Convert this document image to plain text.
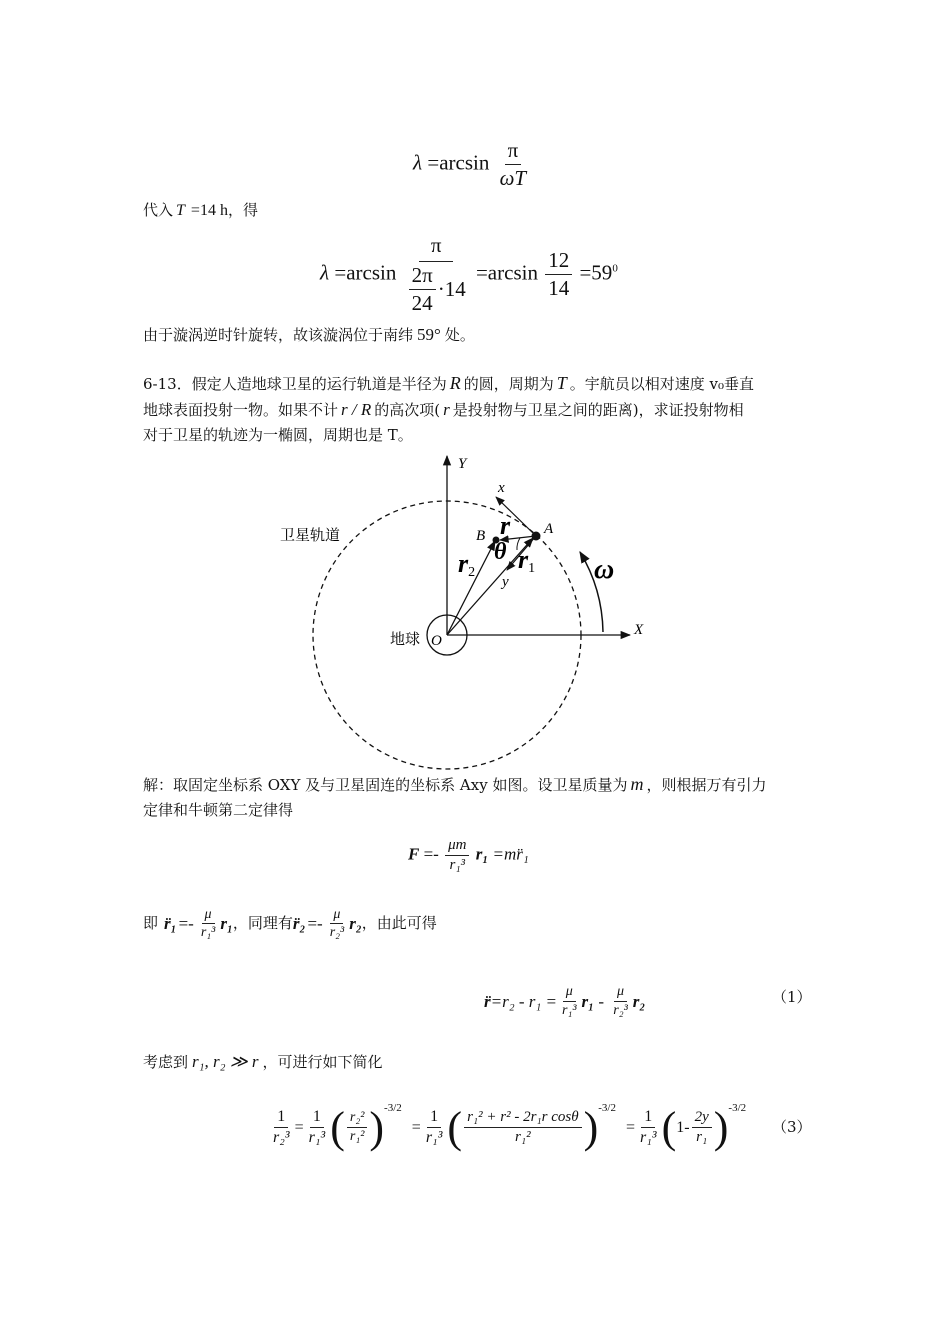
$\lambda =\arcsin \frac{\pi}{\omega T}$
代入 T =14 h，得
$\lambda =\arcsin \frac{\pi}{\frac{2\pi}{24} \cdot 14} =\arcsin \frac{12}{14} =59^0$
由于漩涡逆时针旋转，故该漩涡位于南纬 59° 处。
6-13．假定人造地球卫星的运行轨道是半径为 R 的圆，周期为 T 。宇航员以相对速度 v₀垂直
地球表面投射一物。如果不计 r / R 的高次项( r 是投射物与卫星之间的距离)，求证投射物相
对于卫星的轨迹为一椭圆，周期也是 T。
Y
X
x
y
A
B
O
卫星轨道
地球
r
θ r1
r2	ω
解：取固定坐标系 OXY 及与卫星固连的坐标系 Axy 如图。设卫星质量为 m ，则根据万有引力
定律和牛顿第二定律得
$F =- \frac{\mu m}{\text{r₁³}} r_1$ =mr̈₁
即 r̈₁ =- $\frac{\mu}{\text{r₁³}} r_1$ ，同理有 r̈₂ =- $\frac{\mu}{\text{r₂³}} r_2$ ，由此可得
r̈ $=r_2 - r_1 = \frac{\mu}{\text{r₁³}} r_1 - \frac{\mu}{\text{r₂³}} r_2$	（1）
考虑到 r₁, r₂ ≫ r ，可进行如下简化
$\frac{1}{\text{r₂³}} = \frac{1}{\text{r₁³}}$ ( $\frac{\text{r₂²}}{\text{r₁²}} )^{-3/2}$
= $\frac{1}{\text{r₁³}}$ ( $\frac{\text{r₁² + r² - 2r₁r cosθ}}{\text{r₁²}} )^{-3/2}$
= $\frac{1}{\text{r₁³}}$ ( $1- \frac{2y}{\text{r₁}} )^{-3/2}$
（3）
